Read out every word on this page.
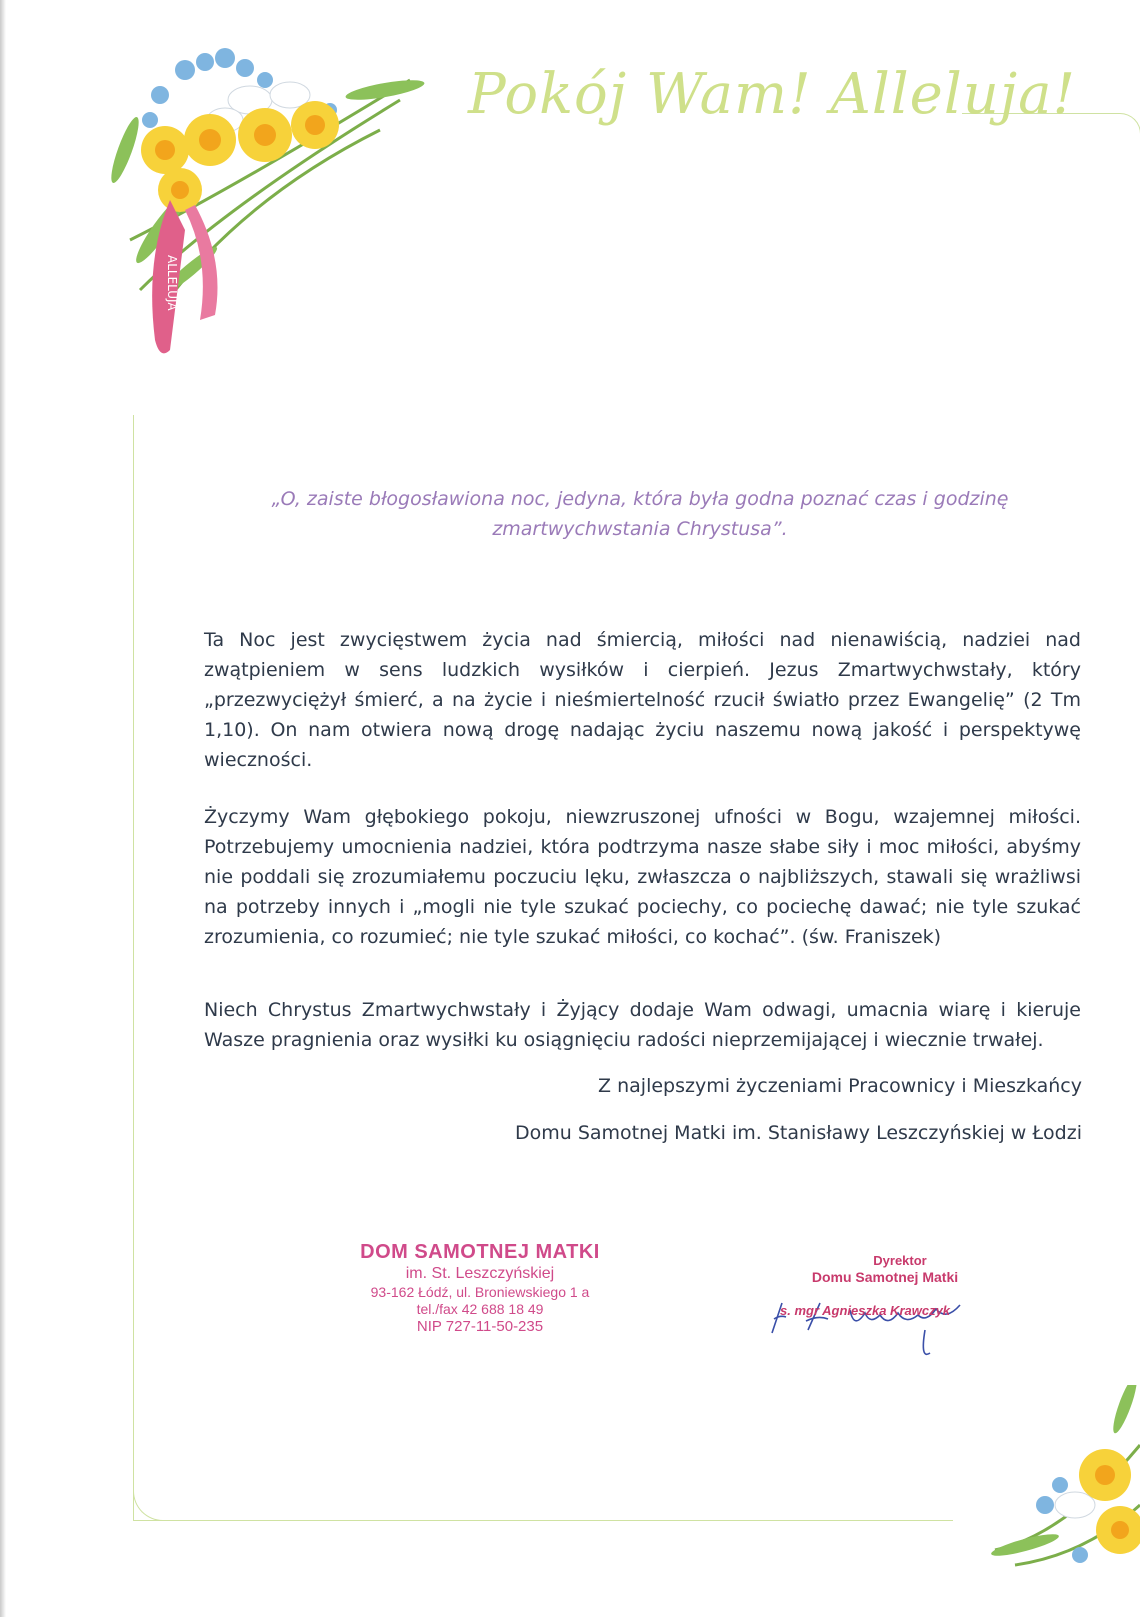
ALLELUJA
Pokój Wam! Alleluja!
„O, zaiste błogosławiona noc, jedyna, która była godna poznać czas i godzinę
zmartwychwstania Chrystusa”.

Ta Noc jest zwycięstwem życia nad śmiercią, miłości nad nienawiścią, nadziei nad zwątpieniem w sens ludzkich wysiłków i cierpień. Jezus Zmartwychwstały, który „przezwyciężył śmierć, a na życie i nieśmiertelność rzucił światło przez Ewangelię” (2 Tm 1,10). On nam otwiera nową drogę nadając życiu naszemu nową jakość i perspektywę wieczności.

Życzymy Wam głębokiego pokoju, niewzruszonej ufności w Bogu, wzajemnej miłości. Potrzebujemy umocnienia nadziei, która podtrzyma nasze słabe siły i moc miłości, abyśmy nie poddali się zrozumiałemu poczuciu lęku, zwłaszcza o najbliższych, stawali się wrażliwsi na potrzeby innych i „mogli nie tyle szukać pociechy, co pociechę dawać; nie tyle szukać zrozumienia, co rozumieć; nie tyle szukać miłości, co kochać”. (św. Franiszek)

Niech Chrystus Zmartwychwstały i Żyjący dodaje Wam odwagi, umacnia wiarę i kieruje Wasze pragnienia oraz wysiłki ku osiągnięciu radości nieprzemijającej i wiecznie trwałej.

Z najlepszymi życzeniami Pracownicy i Mieszkańcy
Domu Samotnej Matki im. Stanisławy Leszczyńskiej w Łodzi
DOM SAMOTNEJ MATKI
im. St. Leszczyńskiej
93-162 Łódź, ul. Broniewskiego 1 a
tel./fax 42 688 18 49
NIP 727-11-50-235
Dyrektor
Domu Samotnej Matki
s. mgr Agnieszka Krawczyk
